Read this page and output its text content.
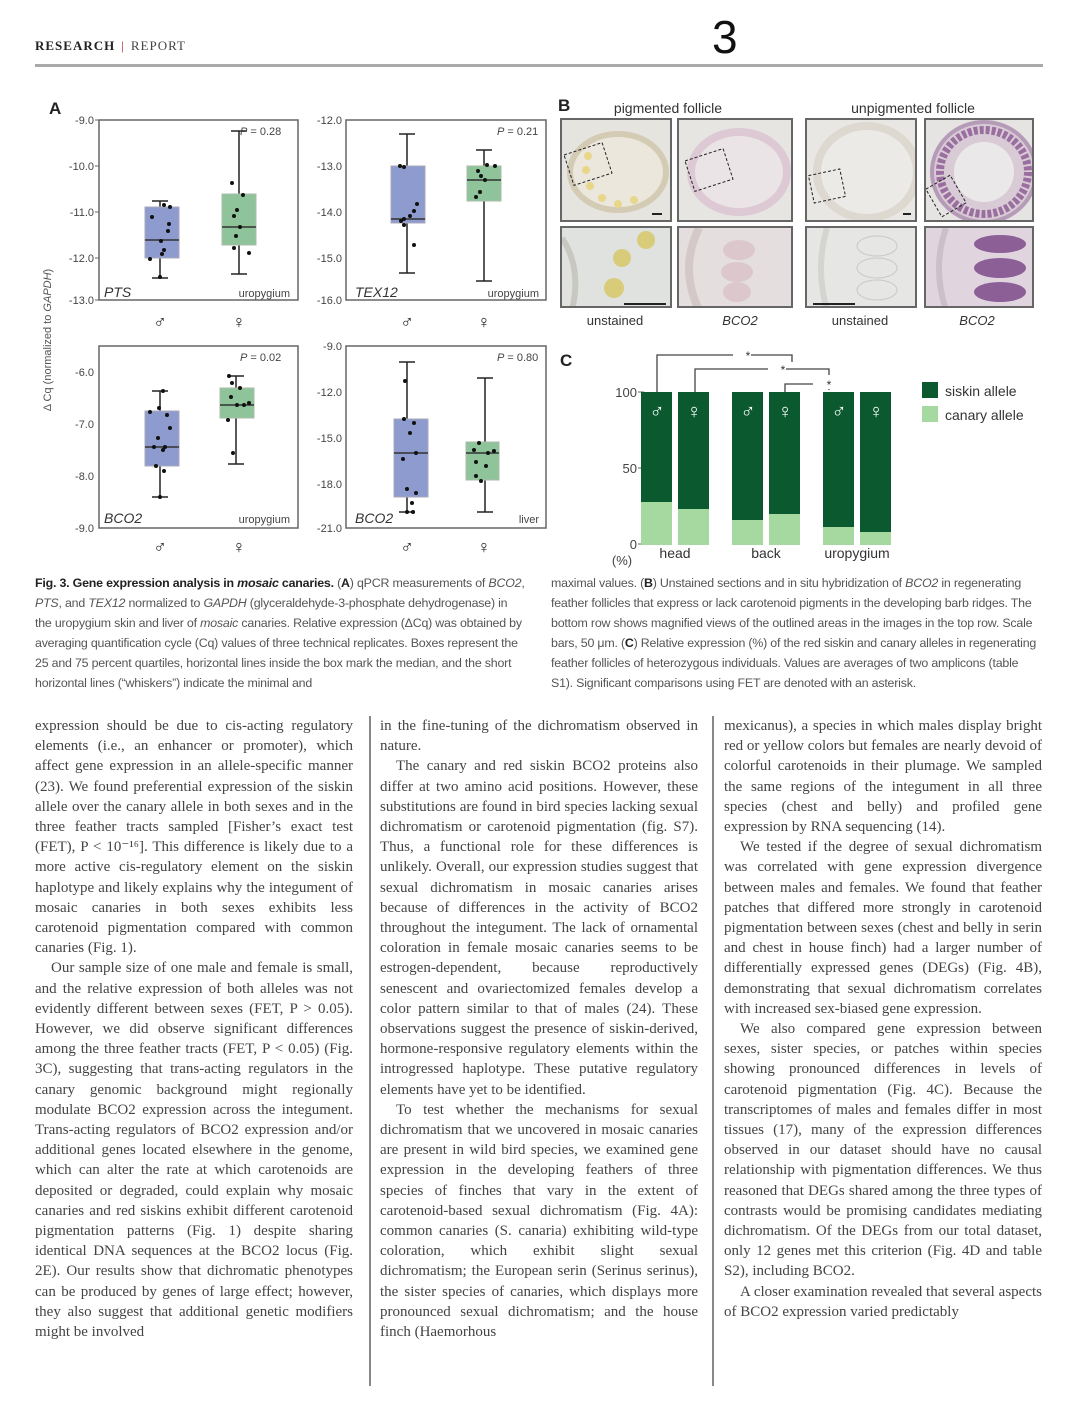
RESEARCH | REPORT	3
A
Δ Cq (normalized to GAPDH)
-9.0
-10.0
-11.0
-12.0
-13.0
P = 0.28
PTS	uropygium
♂	♀
-12.0
-13.0
-14.0
-15.0
-16.0
P = 0.21
TEX12	uropygium
♂	♀
-6.0
-7.0
-8.0
-9.0
P = 0.02
BCO2	uropygium
♂	♀
-9.0
-12.0
-15.0
-18.0
-21.0
P = 0.80
BCO2	liver
♂	♀
B	pigmented follicle	unpigmented follicle
unstained	BCO2	unstained	BCO2
C	*
*
*
100
50
0
(%)
♂ ♀ ♂ ♀ ♂ ♀
head	back	uropygium
siskin allele
canary allele
Fig. 3. Gene expression analysis in mosaic canaries. (A) qPCR measurements of BCO2, PTS, and TEX12 normalized to GAPDH (glyceraldehyde-3-phosphate dehydrogenase) in the uropygium skin and liver of mosaic canaries. Relative expression (ΔCq) was obtained by averaging quantification cycle (Cq) values of three technical replicates. Boxes represent the 25 and 75 percent quartiles, horizontal lines inside the box mark the median, and the short horizontal lines (“whiskers”) indicate the minimal and
maximal values. (B) Unstained sections and in situ hybridization of BCO2 in regenerating feather follicles that express or lack carotenoid pigments in the developing barb ridges. The bottom row shows magnified views of the outlined areas in the images in the top row. Scale bars, 50 μm. (C) Relative expression (%) of the red siskin and canary alleles in regenerating feather follicles of heterozygous individuals. Values are averages of two amplicons (table S1). Significant comparisons using FET are denoted with an asterisk.

expression should be due to cis-acting regulatory elements (i.e., an enhancer or promoter), which affect gene expression in an allele-specific manner (23). We found preferential expression of the siskin allele over the canary allele in both sexes and in the three feather tracts sampled [Fisher’s exact test (FET), P < 10⁻¹⁶]. This difference is likely due to a more active cis-regulatory element on the siskin haplotype and likely explains why the integument of mosaic canaries in both sexes exhibits less carotenoid pigmentation compared with common canaries (Fig. 1).

Our sample size of one male and female is small, and the relative expression of both alleles was not evidently different between sexes (FET, P > 0.05). However, we did observe significant differences among the three feather tracts (FET, P < 0.05) (Fig. 3C), suggesting that trans-acting regulators in the canary genomic background might regionally modulate BCO2 expression across the integument. Trans-acting regulators of BCO2 expression and/or additional genes located elsewhere in the genome, which can alter the rate at which carotenoids are deposited or degraded, could explain why mosaic canaries and red siskins exhibit different carotenoid pigmentation patterns (Fig. 1) despite sharing identical DNA sequences at the BCO2 locus (Fig. 2E). Our results show that dichromatic phenotypes can be produced by genes of large effect; however, they also suggest that additional genetic modifiers might be involved

in the fine-tuning of the dichromatism observed in nature.

The canary and red siskin BCO2 proteins also differ at two amino acid positions. However, these substitutions are found in bird species lacking sexual dichromatism or carotenoid pigmentation (fig. S7). Thus, a functional role for these differences is unlikely. Overall, our expression studies suggest that sexual dichromatism in mosaic canaries arises because of differences in the activity of BCO2 throughout the integument. The lack of ornamental coloration in female mosaic canaries seems to be estrogen-dependent, because reproductively senescent and ovariectomized females develop a color pattern similar to that of males (24). These observations suggest the presence of siskin-derived, hormone-responsive regulatory elements within the introgressed haplotype. These putative regulatory elements have yet to be identified.

To test whether the mechanisms for sexual dichromatism that we uncovered in mosaic canaries are present in wild bird species, we examined gene expression in the developing feathers of three species of finches that vary in the extent of carotenoid-based sexual dichromatism (Fig. 4A): common canaries (S. canaria) exhibiting wild-type coloration, which exhibit slight sexual dichromatism; the European serin (Serinus serinus), the sister species of canaries, which displays more pronounced sexual dichromatism; and the house finch (Haemorhous

mexicanus), a species in which males display bright red or yellow colors but females are nearly devoid of colorful carotenoids in their plumage. We sampled the same regions of the integument in all three species (chest and belly) and profiled gene expression by RNA sequencing (14).

We tested if the degree of sexual dichromatism was correlated with gene expression divergence between males and females. We found that feather patches that differed more strongly in carotenoid pigmentation between sexes (chest and belly in serin and chest in house finch) had a larger number of differentially expressed genes (DEGs) (Fig. 4B), demonstrating that sexual dichromatism correlates with increased sex-biased gene expression.

We also compared gene expression between sexes, sister species, or patches within species showing pronounced differences in levels of carotenoid pigmentation (Fig. 4C). Because the transcriptomes of males and females differ in most tissues (17), many of the expression differences observed in our dataset should have no causal relationship with pigmentation differences. We thus reasoned that DEGs shared among the three types of contrasts would be promising candidates mediating dichromatism. Of the DEGs from our total dataset, only 12 genes met this criterion (Fig. 4D and table S2), including BCO2.

A closer examination revealed that several aspects of BCO2 expression varied predictably
